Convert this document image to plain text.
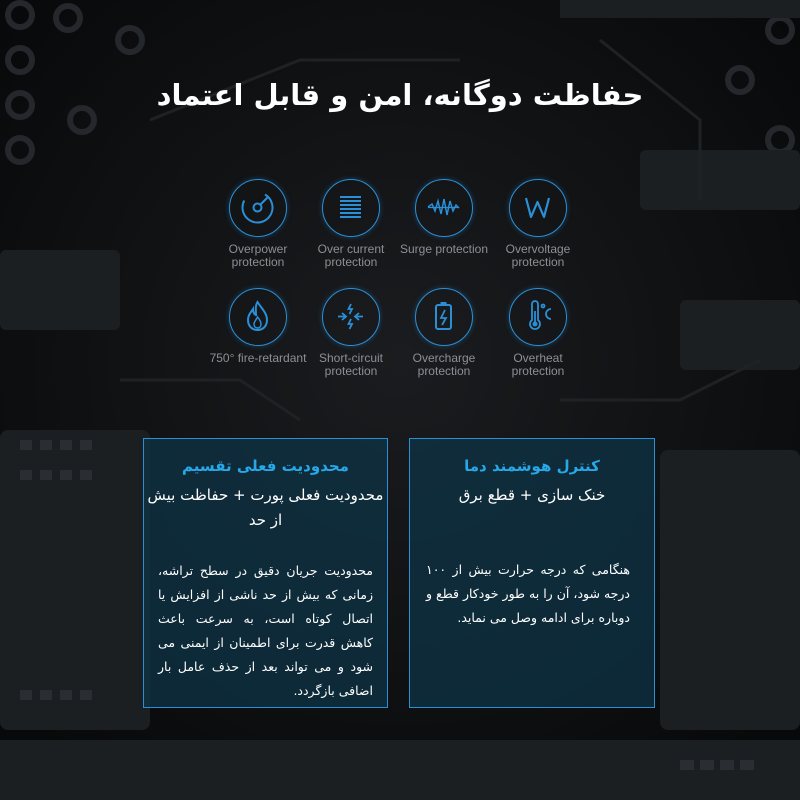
حفاظت دوگانه، امن و قابل اعتماد
Overpower protection
Over current protection
Surge protection	Overvoltage protection
750° fire-retardant	Short-circuit protection
Overcharge protection
Overheat protection
محدودیت فعلی تقسیم
محدودیت فعلی پورت + حفاظت بیش از حد
محدودیت جریان دقیق در سطح تراشه، زمانی که بیش از حد ناشی از افزایش یا اتصال کوتاه است، به سرعت باعث کاهش قدرت برای اطمینان از ایمنی می شود و می تواند بعد از حذف عامل بار اضافی بازگردد.
کنترل هوشمند دما
خنک سازی + قطع برق
هنگامی که درجه حرارت بیش از ۱۰۰ درجه شود، آن را به طور خودکار قطع و دوباره برای ادامه وصل می نماید.
